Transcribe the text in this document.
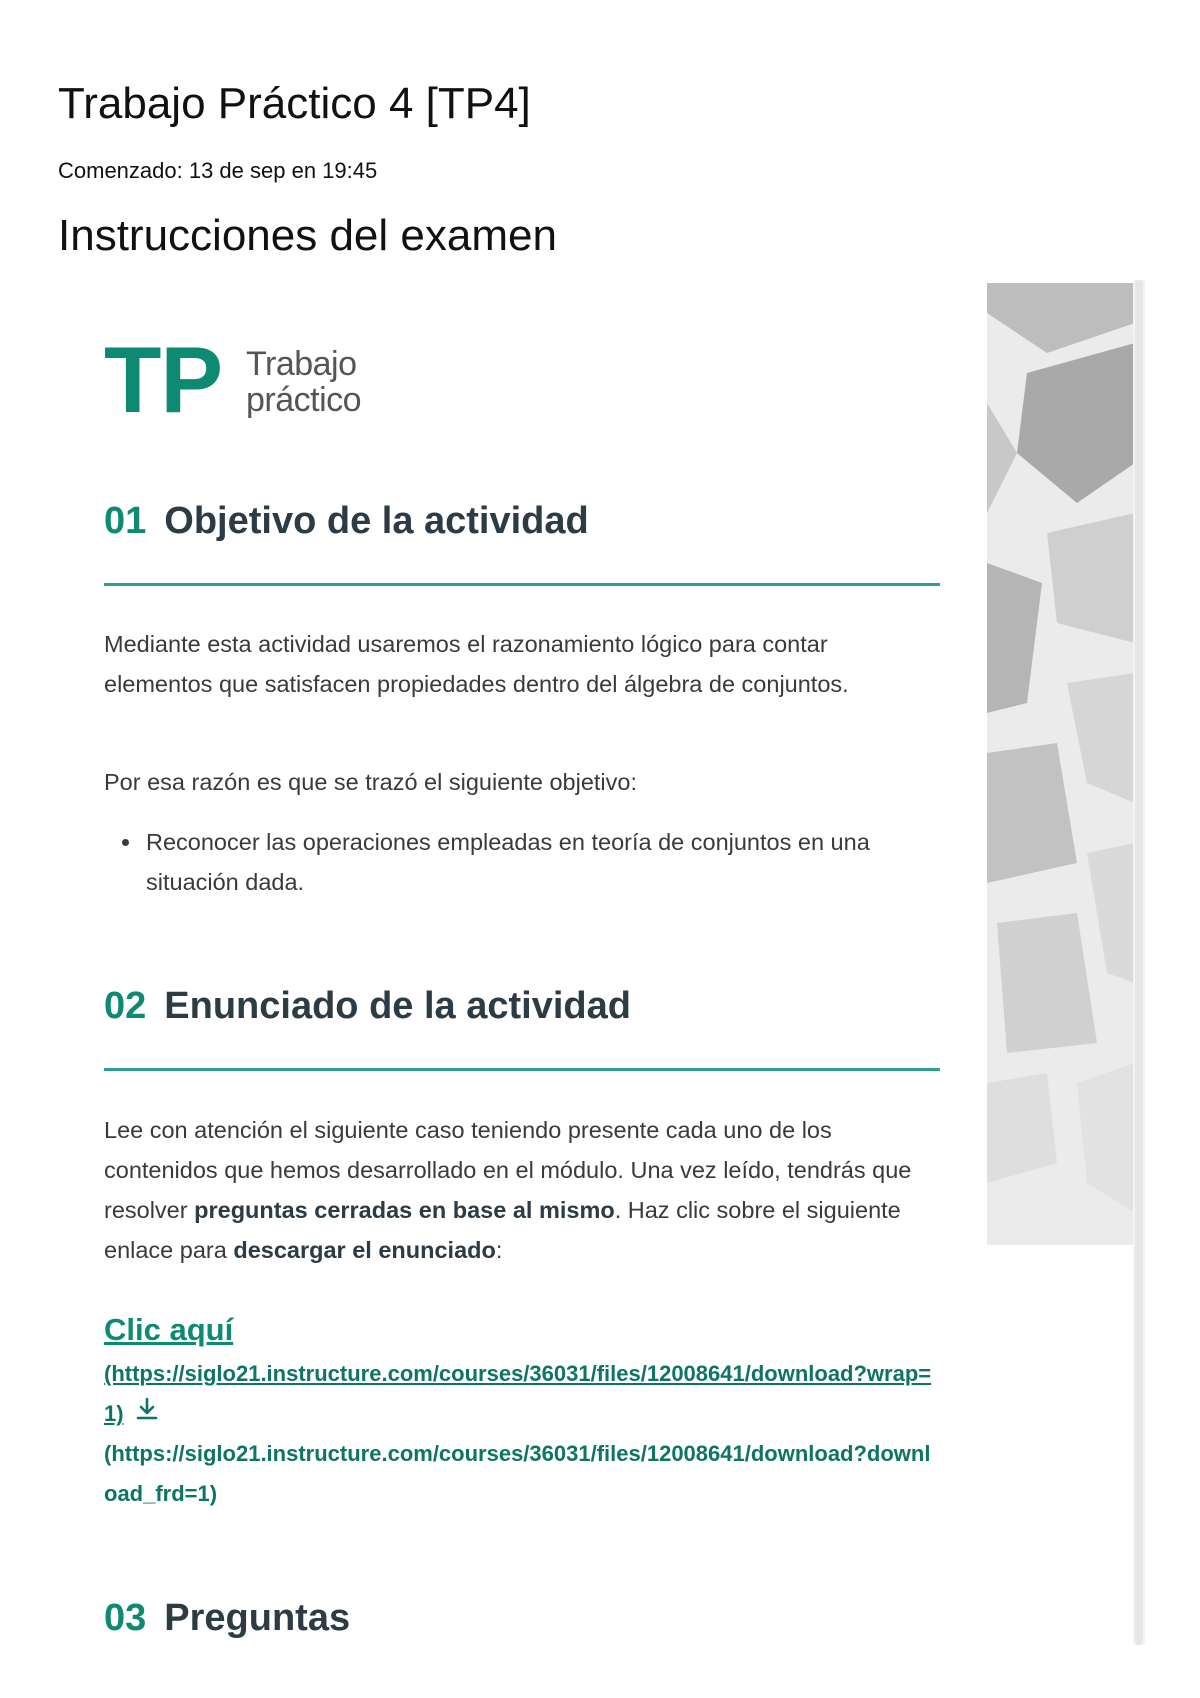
Trabajo Práctico 4 [TP4]
Comenzado: 13 de sep en 19:45
Instrucciones del examen
TP Trabajo
práctico
01 Objetivo de la actividad

Mediante esta actividad usaremos el razonamiento lógico para contar elementos que satisfacen propiedades dentro del álgebra de conjuntos.

Por esa razón es que se trazó el siguiente objetivo:

Reconocer las operaciones empleadas en teoría de conjuntos en una situación dada.
02 Enunciado de la actividad

Lee con atención el siguiente caso teniendo presente cada uno de los contenidos que hemos desarrollado en el módulo. Una vez leído, tendrás que resolver preguntas cerradas en base al mismo. Haz clic sobre el siguiente enlace para descargar el enunciado:

Clic aquí
(https://siglo21.instructure.com/courses/36031/files/12008641/download?wrap=1)
(https://siglo21.instructure.com/courses/36031/files/12008641/download?download_frd=1)
03 Preguntas
